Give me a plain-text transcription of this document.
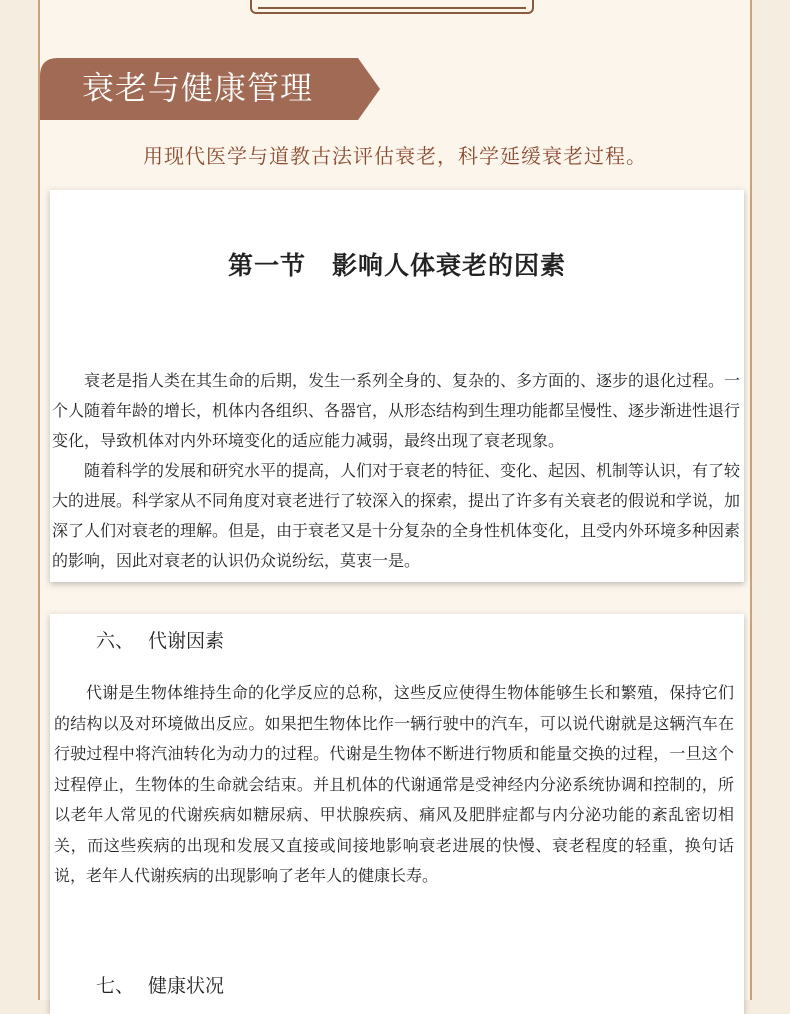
衰老与健康管理
用现代医学与道教古法评估衰老，科学延缓衰老过程。
第一节　影响人体衰老的因素

衰老是指人类在其生命的后期，发生一系列全身的、复杂的、多方面的、逐步的退化过程。一个人随着年龄的增长，机体内各组织、各器官，从形态结构到生理功能都呈慢性、逐步渐进性退行变化，导致机体对内外环境变化的适应能力减弱，最终出现了衰老现象。

随着科学的发展和研究水平的提高，人们对于衰老的特征、变化、起因、机制等认识，有了较大的进展。科学家从不同角度对衰老进行了较深入的探索，提出了许多有关衰老的假说和学说，加深了人们对衰老的理解。但是，由于衰老又是十分复杂的全身性机体变化，且受内外环境多种因素的影响，因此对衰老的认识仍众说纷纭，莫衷一是。

六、 代谢因素

代谢是生物体维持生命的化学反应的总称，这些反应使得生物体能够生长和繁殖，保持它们的结构以及对环境做出反应。如果把生物体比作一辆行驶中的汽车，可以说代谢就是这辆汽车在行驶过程中将汽油转化为动力的过程。代谢是生物体不断进行物质和能量交换的过程，一旦这个过程停止，生物体的生命就会结束。并且机体的代谢通常是受神经内分泌系统协调和控制的，所以老年人常见的代谢疾病如糖尿病、甲状腺疾病、痛风及肥胖症都与内分泌功能的紊乱密切相关，而这些疾病的出现和发展又直接或间接地影响衰老进展的快慢、衰老程度的轻重，换句话说，老年人代谢疾病的出现影响了老年人的健康长寿。

七、 健康状况
